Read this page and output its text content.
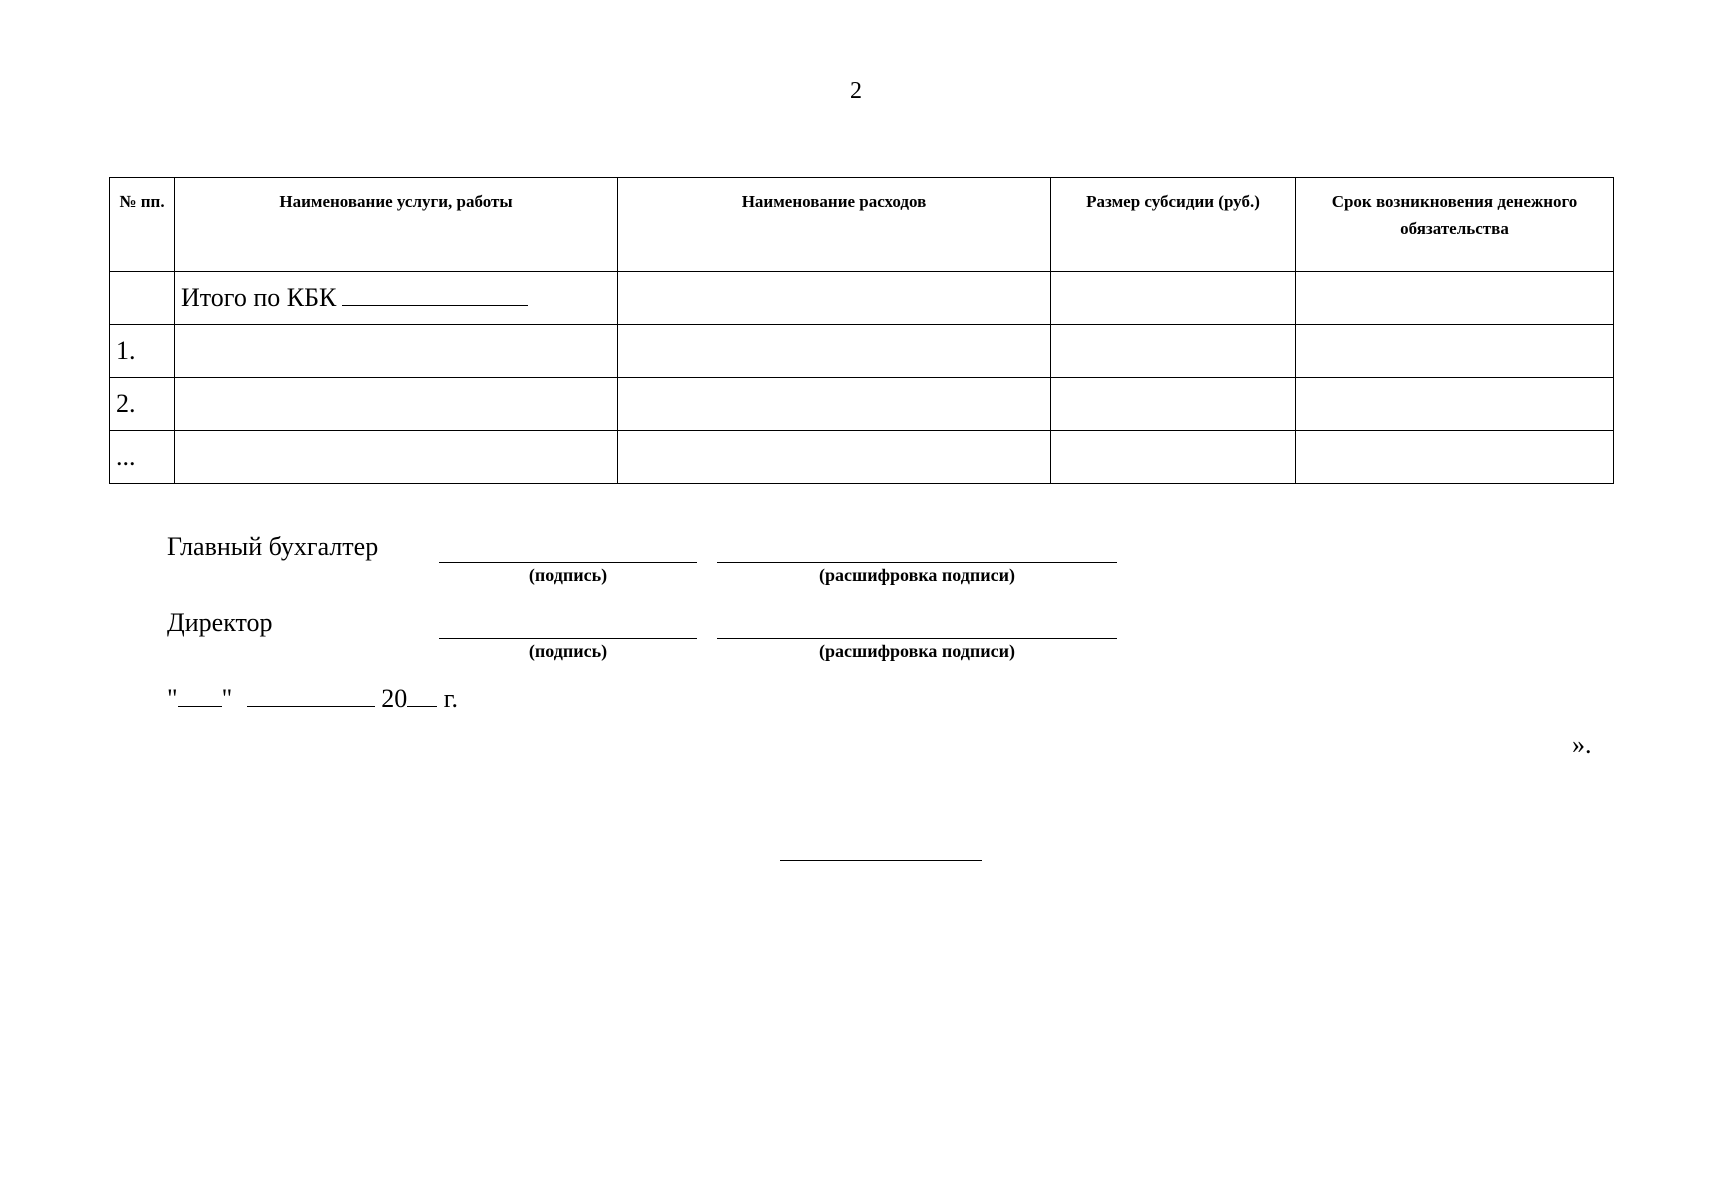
2
№ пп.	Наименование услуги, работы	Наименование расходов	Размер субсидии (руб.)	Срок возникновения денежного обязательства
	Итого по КБК			
1.				
2.				
...				
Главный бухгалтер
(подпись)	(расшифровка подписи)
Директор
(подпись)	(расшифровка подписи)
" "	20 г.
».
